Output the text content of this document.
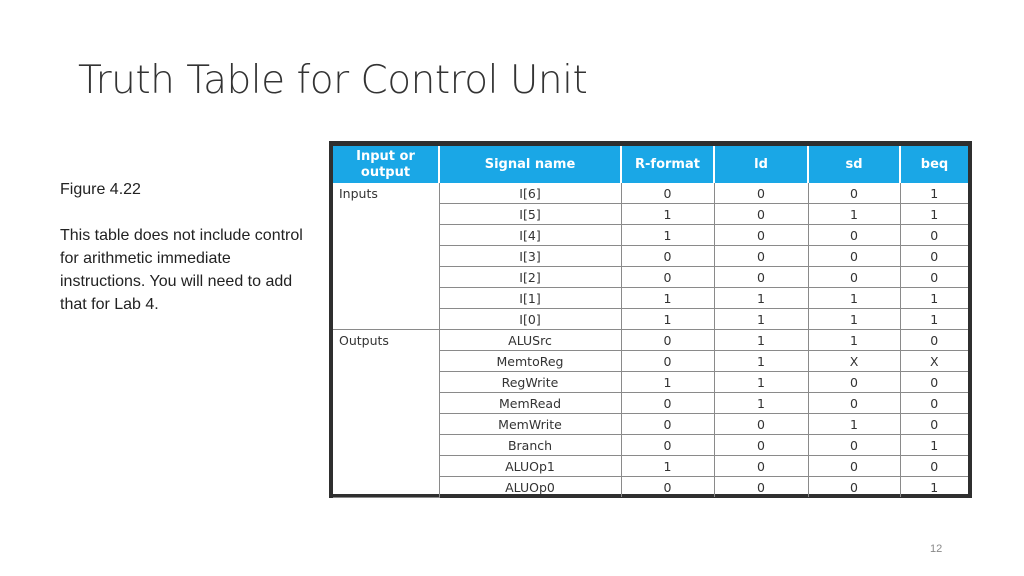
Truth Table for Control Unit
Figure 4.22
This table does not include control for arithmetic immediate instructions. You will need to add that for Lab 4.
Input or output	Signal name	R-format	ld	sd	beq
Inputs	I[6]	0	0	0	1
	I[5]	1	0	1	1
	I[4]	1	0	0	0
	I[3]	0	0	0	0
	I[2]	0	0	0	0
	I[1]	1	1	1	1
	I[0]	1	1	1	1
Outputs	ALUSrc	0	1	1	0
	MemtoReg	0	1	X	X
	RegWrite	1	1	0	0
	MemRead	0	1	0	0
	MemWrite	0	0	1	0
	Branch	0	0	0	1
	ALUOp1	1	0	0	0
	ALUOp0	0	0	0	1
12
